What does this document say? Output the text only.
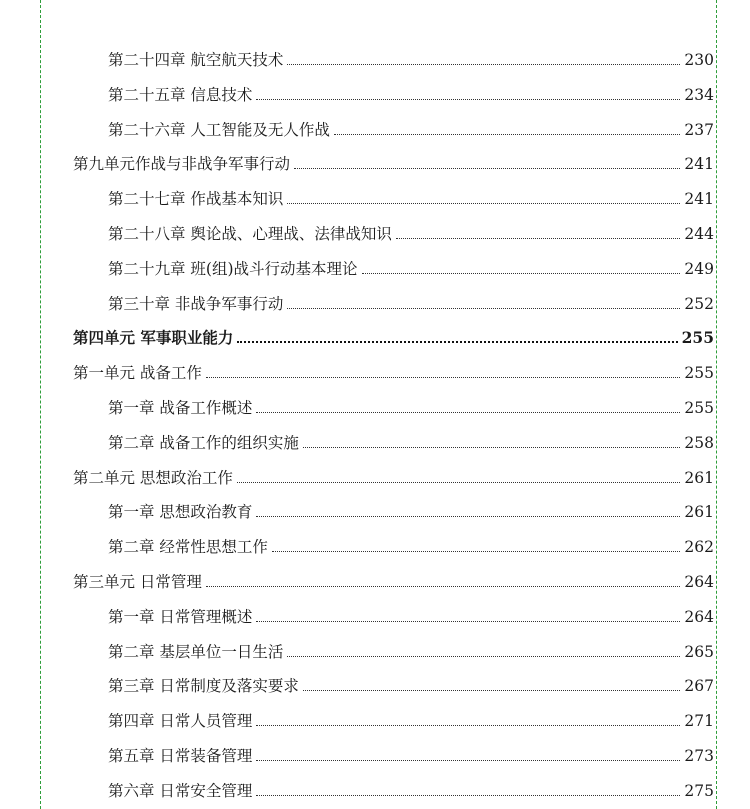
第二十四章 航空航天技术	230
第二十五章 信息技术	234
第二十六章 人工智能及无人作战	237
第九单元作战与非战争军事行动	241
第二十七章 作战基本知识	241
第二十八章 舆论战、心理战、法律战知识	244
第二十九章 班(组)战斗行动基本理论	249
第三十章 非战争军事行动	252
第四单元 军事职业能力	255
第一单元 战备工作	255
第一章 战备工作概述	255
第二章 战备工作的组织实施	258
第二单元 思想政治工作	261
第一章 思想政治教育	261
第二章 经常性思想工作	262
第三单元 日常管理	264
第一章 日常管理概述	264
第二章 基层单位一日生活	265
第三章 日常制度及落实要求	267
第四章 日常人员管理	271
第五章 日常装备管理	273
第六章 日常安全管理	275
